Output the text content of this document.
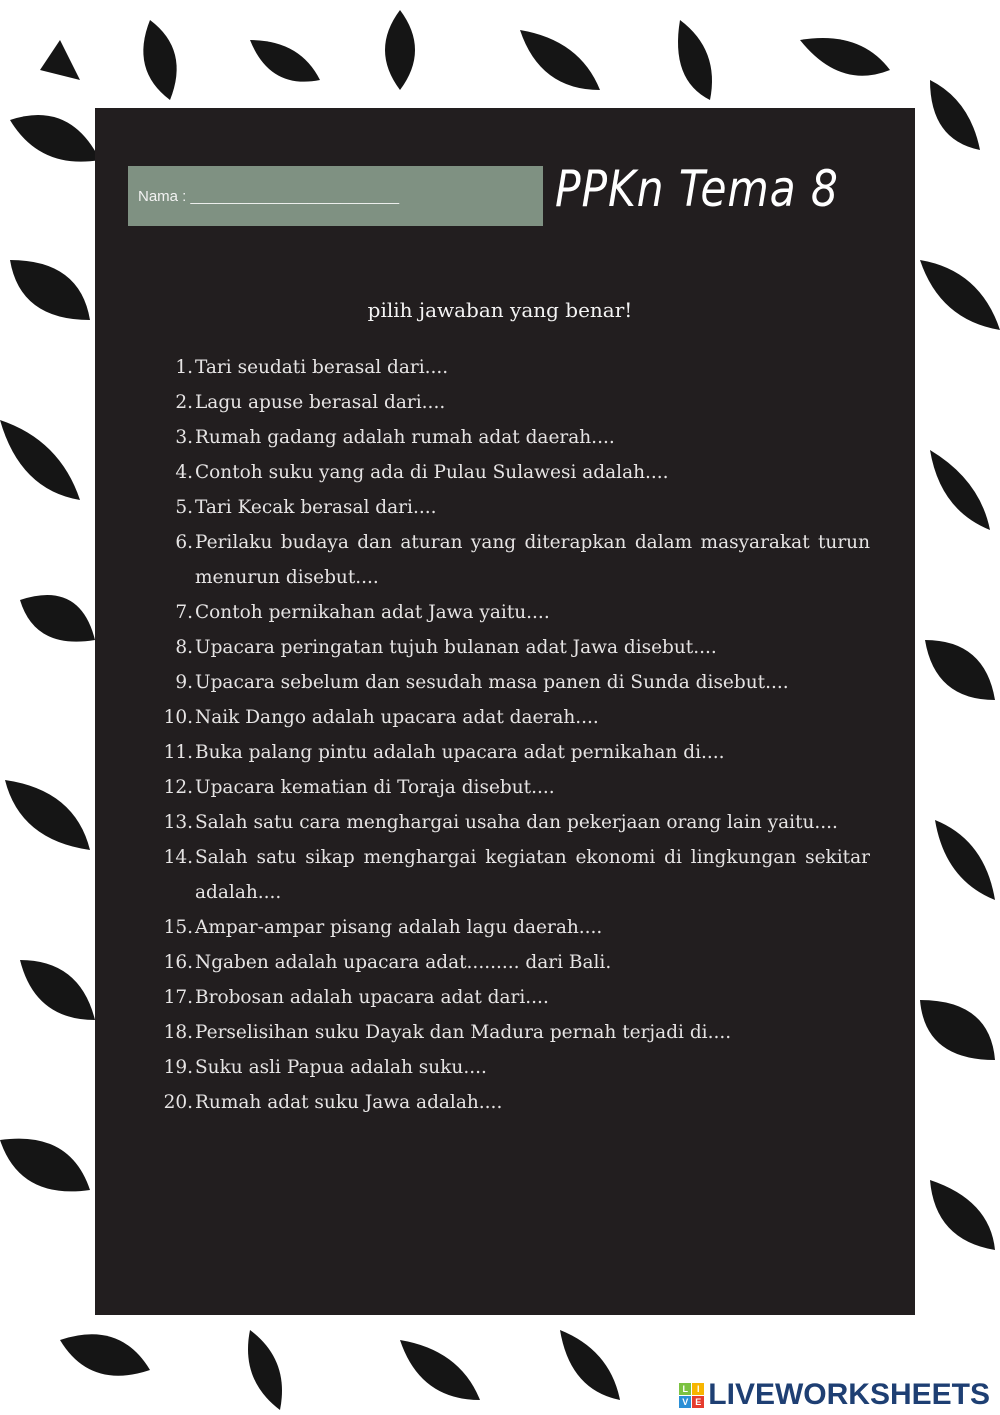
Nama : _________________________	PPKn Tema 8
pilih jawaban yang benar!
1. Tari seudati berasal dari....
2. Lagu apuse berasal dari....
3. Rumah gadang adalah rumah adat daerah....
4. Contoh suku yang ada di Pulau Sulawesi adalah....
5. Tari Kecak berasal dari....
6. Perilaku budaya dan aturan yang diterapkan dalam masyarakat turun menurun disebut....
7. Contoh pernikahan adat Jawa yaitu....
8. Upacara peringatan tujuh bulanan adat Jawa disebut....
9. Upacara sebelum dan sesudah masa panen di Sunda disebut....
10. Naik Dango adalah upacara adat daerah....
11. Buka palang pintu adalah upacara adat pernikahan di....
12. Upacara kematian di Toraja disebut....
13. Salah satu cara menghargai usaha dan pekerjaan orang lain yaitu....
14. Salah satu sikap menghargai kegiatan ekonomi di lingkungan sekitar adalah....
15. Ampar-ampar pisang adalah lagu daerah....
16. Ngaben adalah upacara adat......... dari Bali.
17. Brobosan adalah upacara adat dari....
18. Perselisihan suku Dayak dan Madura pernah terjadi di....
19. Suku asli Papua adalah suku....
20. Rumah adat suku Jawa adalah....
L I
V E LIVEWORKSHEETS
